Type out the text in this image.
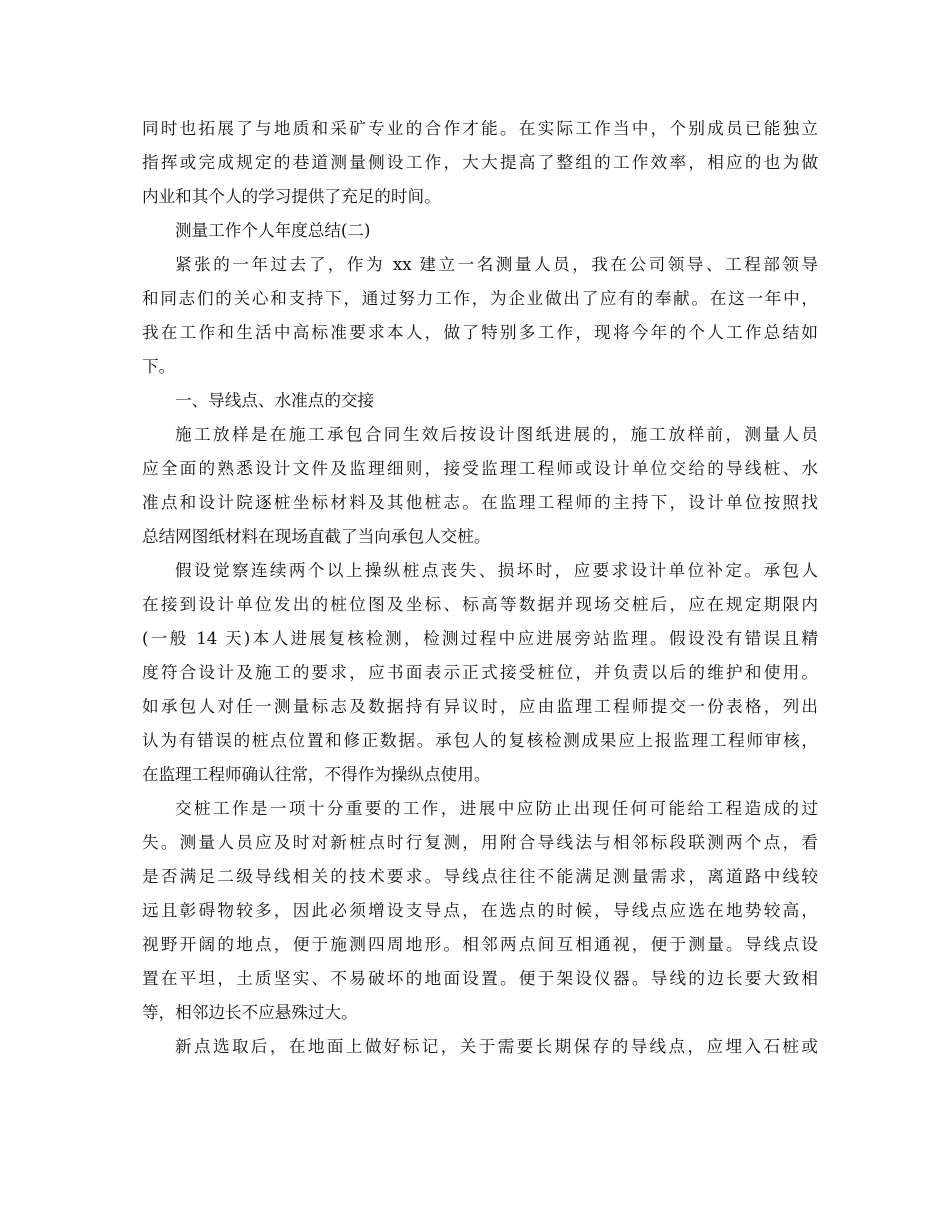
同时也拓展了与地质和采矿专业的合作才能。在实际工作当中，个别成员已能独立
指挥或完成规定的巷道测量侧设工作，大大提高了整组的工作效率，相应的也为做
内业和其个人的学习提供了充足的时间。
测量工作个人年度总结(二)
紧张的一年过去了，作为 xx 建立一名测量人员，我在公司领导、工程部领导
和同志们的关心和支持下，通过努力工作，为企业做出了应有的奉献。在这一年中，
我在工作和生活中高标准要求本人，做了特别多工作，现将今年的个人工作总结如
下。
一、导线点、水准点的交接
施工放样是在施工承包合同生效后按设计图纸进展的，施工放样前，测量人员
应全面的熟悉设计文件及监理细则，接受监理工程师或设计单位交给的导线桩、水
准点和设计院逐桩坐标材料及其他桩志。在监理工程师的主持下，设计单位按照找
总结网图纸材料在现场直截了当向承包人交桩。
假设觉察连续两个以上操纵桩点丧失、损坏时，应要求设计单位补定。承包人
在接到设计单位发出的桩位图及坐标、标高等数据并现场交桩后，应在规定期限内
(一般 14 天)本人进展复核检测，检测过程中应进展旁站监理。假设没有错误且精
度符合设计及施工的要求，应书面表示正式接受桩位，并负责以后的维护和使用。
如承包人对任一测量标志及数据持有异议时，应由监理工程师提交一份表格，列出
认为有错误的桩点位置和修正数据。承包人的复核检测成果应上报监理工程师审核，
在监理工程师确认往常，不得作为操纵点使用。
交桩工作是一项十分重要的工作，进展中应防止出现任何可能给工程造成的过
失。测量人员应及时对新桩点时行复测，用附合导线法与相邻标段联测两个点，看
是否满足二级导线相关的技术要求。导线点往往不能满足测量需求，离道路中线较
远且彰碍物较多，因此必须增设支导点，在选点的时候，导线点应选在地势较高，
视野开阔的地点，便于施测四周地形。相邻两点间互相通视，便于测量。导线点设
置在平坦，土质坚实、不易破坏的地面设置。便于架设仪器。导线的边长要大致相
等，相邻边长不应悬殊过大。
新点选取后，在地面上做好标记，关于需要长期保存的导线点，应埋入石桩或
